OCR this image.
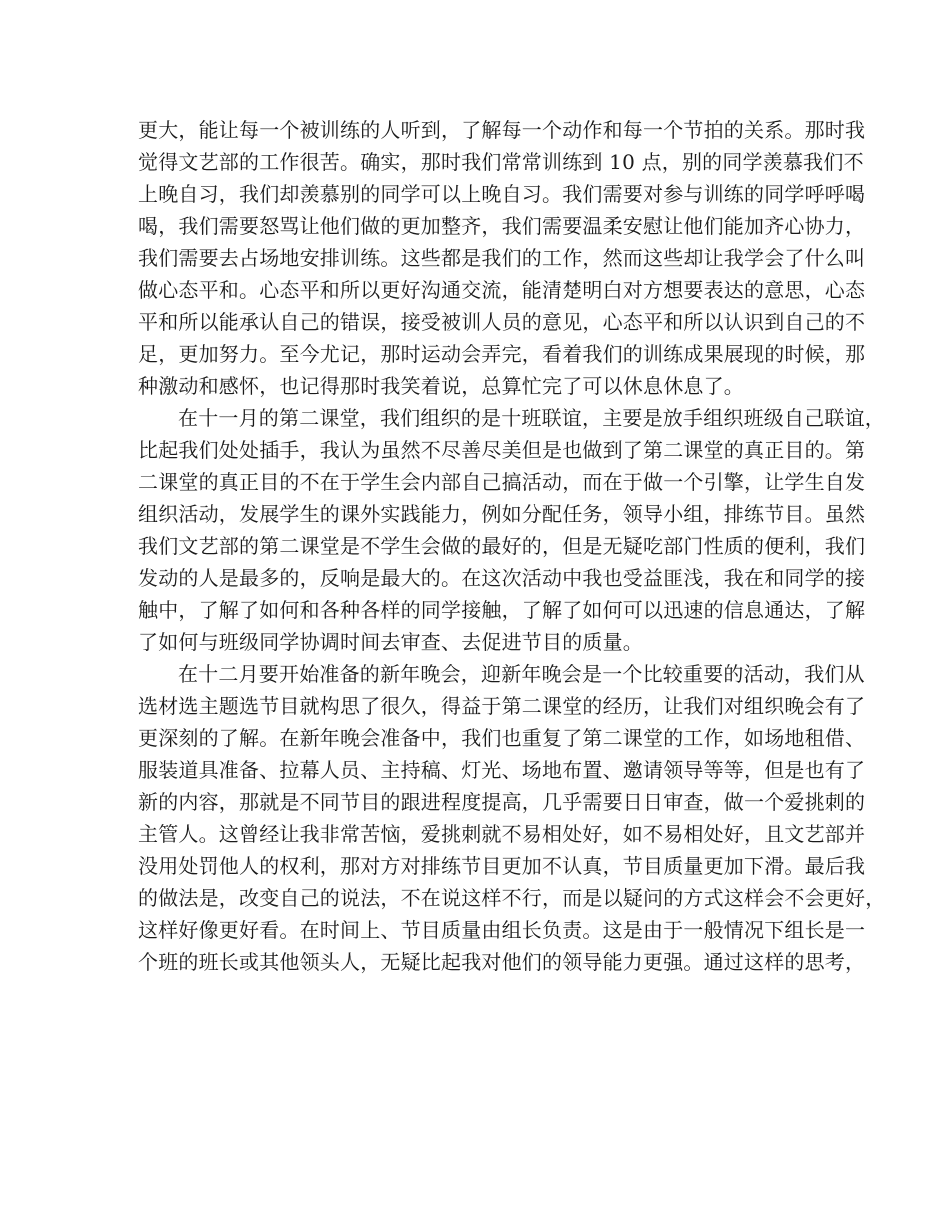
更大，能让每一个被训练的人听到，了解每一个动作和每一个节拍的关系。那时我
觉得文艺部的工作很苦。确实，那时我们常常训练到 10 点，别的同学羡慕我们不
上晚自习，我们却羡慕别的同学可以上晚自习。我们需要对参与训练的同学呼呼喝
喝，我们需要怒骂让他们做的更加整齐，我们需要温柔安慰让他们能加齐心协力，
我们需要去占场地安排训练。这些都是我们的工作，然而这些却让我学会了什么叫
做心态平和。心态平和所以更好沟通交流，能清楚明白对方想要表达的意思，心态
平和所以能承认自己的错误，接受被训人员的意见，心态平和所以认识到自己的不
足，更加努力。至今尤记，那时运动会弄完，看着我们的训练成果展现的时候，那
种激动和感怀，也记得那时我笑着说，总算忙完了可以休息休息了。
在十一月的第二课堂，我们组织的是十班联谊，主要是放手组织班级自己联谊，
比起我们处处插手，我认为虽然不尽善尽美但是也做到了第二课堂的真正目的。第
二课堂的真正目的不在于学生会内部自己搞活动，而在于做一个引擎，让学生自发
组织活动，发展学生的课外实践能力，例如分配任务，领导小组，排练节目。虽然
我们文艺部的第二课堂是不学生会做的最好的，但是无疑吃部门性质的便利，我们
发动的人是最多的，反响是最大的。在这次活动中我也受益匪浅，我在和同学的接
触中，了解了如何和各种各样的同学接触，了解了如何可以迅速的信息通达，了解
了如何与班级同学协调时间去审查、去促进节目的质量。
在十二月要开始准备的新年晚会，迎新年晚会是一个比较重要的活动，我们从
选材选主题选节目就构思了很久，得益于第二课堂的经历，让我们对组织晚会有了
更深刻的了解。在新年晚会准备中，我们也重复了第二课堂的工作，如场地租借、
服装道具准备、拉幕人员、主持稿、灯光、场地布置、邀请领导等等，但是也有了
新的内容，那就是不同节目的跟进程度提高，几乎需要日日审查，做一个爱挑刺的
主管人。这曾经让我非常苦恼，爱挑刺就不易相处好，如不易相处好，且文艺部并
没用处罚他人的权利，那对方对排练节目更加不认真，节目质量更加下滑。最后我
的做法是，改变自己的说法，不在说这样不行，而是以疑问的方式这样会不会更好，
这样好像更好看。在时间上、节目质量由组长负责。这是由于一般情况下组长是一
个班的班长或其他领头人，无疑比起我对他们的领导能力更强。通过这样的思考，
